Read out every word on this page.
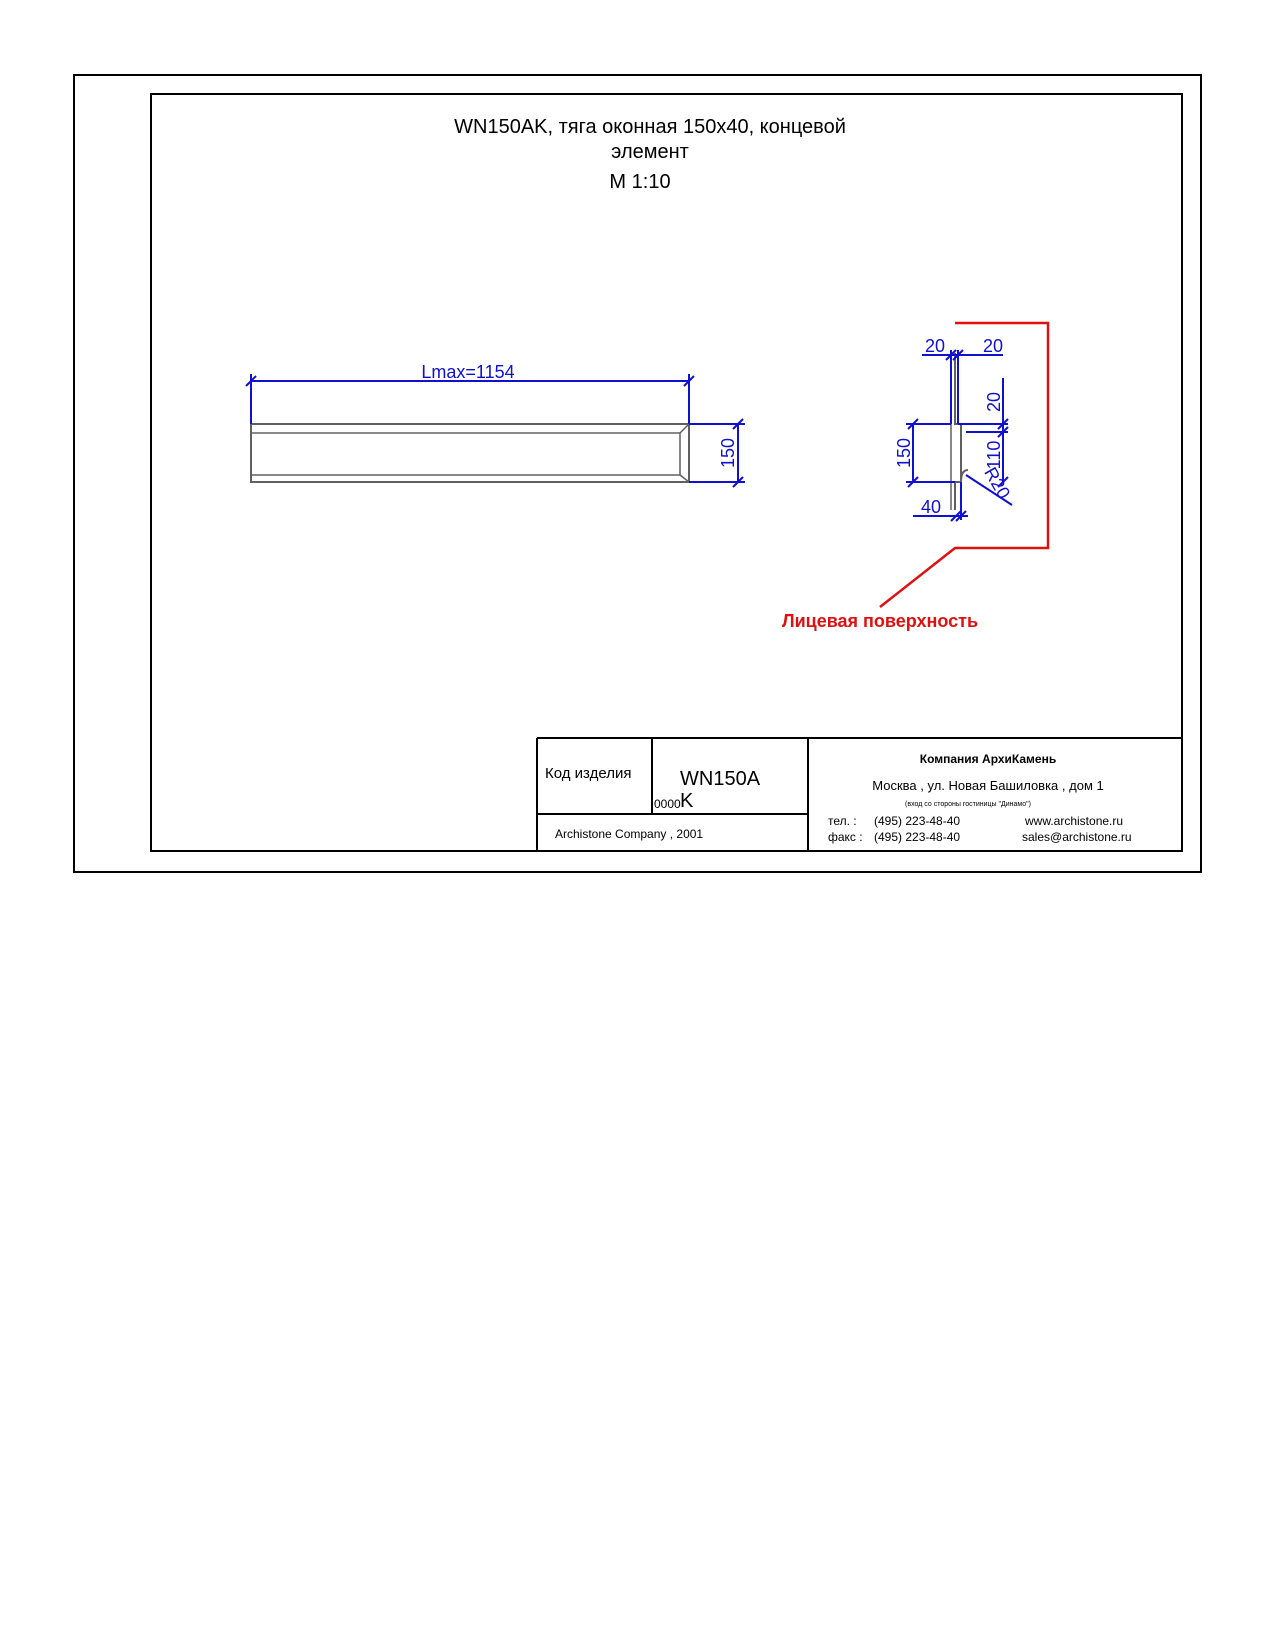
WN150AK, тяга оконная 150х40, концевой
элемент
М 1:10
Lmax=1154
150
20 20
20
110
150
R20
40
Лицевая поверхность
Код изделия WN150A
0000 K
Archistone Company , 2001
Компания АрхиКамень
Москва , ул. Новая Башиловка , дом 1
(вход со стороны гостиницы "Динамо")
тел. : (495) 223-48-40
факс : (495) 223-48-40
www.archistone.ru
sales@archistone.ru
